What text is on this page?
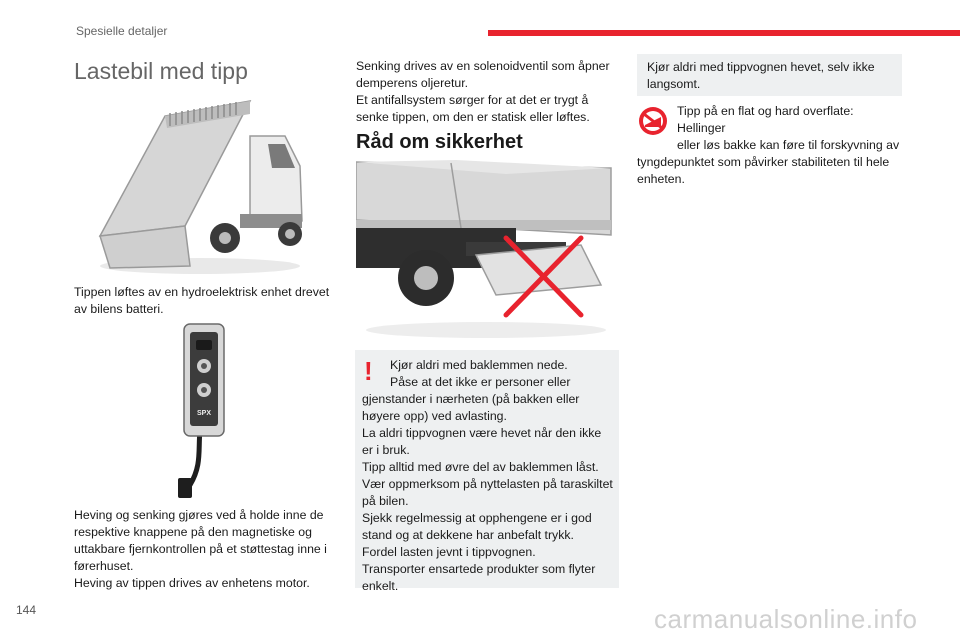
Spesielle detaljer
144
Lastebil med tipp
Tippen løftes av en hydroelektrisk enhet drevet
av bilens batteri.
SPX
Heving og senking gjøres ved å holde inne de
respektive knappene på den magnetiske og
uttakbare fjernkontrollen på et støttestag inne i
førerhuset.
Heving av tippen drives av enhetens motor.
Senking drives av en solenoidventil som åpner
demperens oljeretur.
Et antifallsystem sørger for at det er trygt å
senke tippen, om den er statisk eller løftes.
Råd om sikkerhet
!	Kjør aldri med baklemmen nede.
Påse at det ikke er personer eller
gjenstander i nærheten (på bakken eller
høyere opp) ved avlasting.
La aldri tippvognen være hevet når den ikke
er i bruk.
Tipp alltid med øvre del av baklemmen låst.
Vær oppmerksom på nyttelasten på taraskiltet
på bilen.
Sjekk regelmessig at opphengene er i god
stand og at dekkene har anbefalt trykk.
Fordel lasten jevnt i tippvognen.
Transporter ensartede produkter som flyter
enkelt.
Kjør aldri med tippvognen hevet, selv ikke
langsomt.
Tipp på en flat og hard overflate: Hellinger
eller løs bakke kan føre til forskyvning av
tyngdepunktet som påvirker stabiliteten til hele
enheten.
carmanualsonline.info
